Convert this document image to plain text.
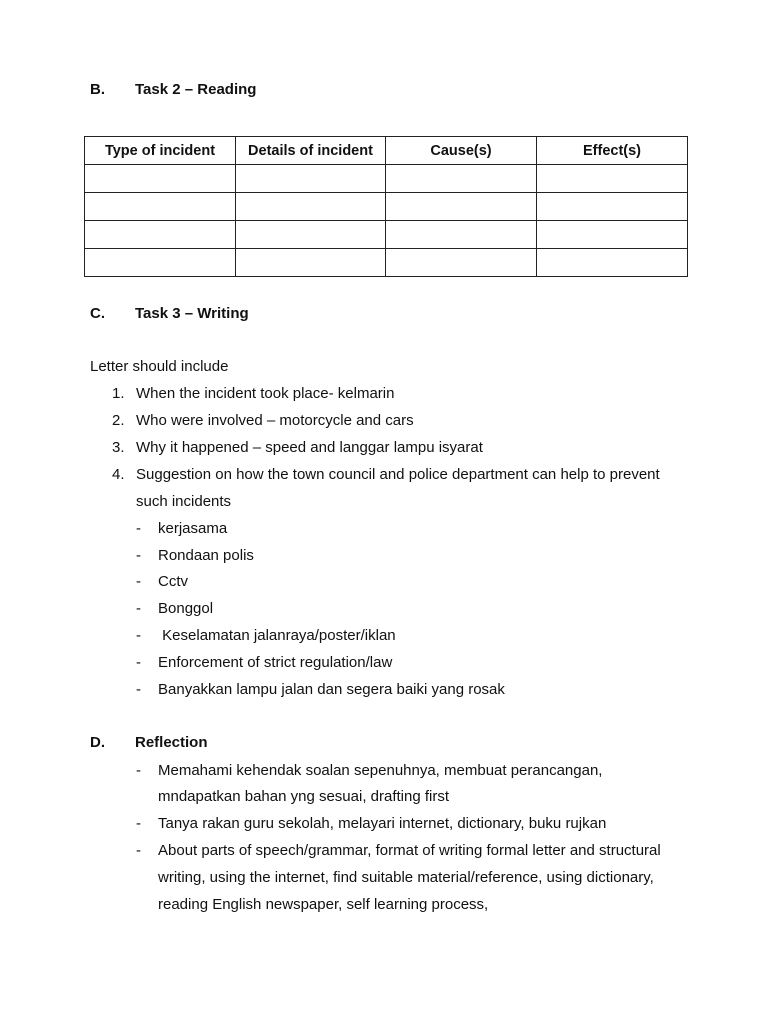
B. Task 2 – Reading
Type of incident	Details of incident	Cause(s)	Effect(s)

C. Task 3 – Writing
Letter should include
1. When the incident took place- kelmarin
2. Who were involved – motorcycle and cars
3. Why it happened – speed and langgar lampu isyarat
4. Suggestion on how the town council and police department can help to prevent
such incidents
- kerjasama
- Rondaan polis
- Cctv
- Bonggol
- Keselamatan jalanraya/poster/iklan
- Enforcement of strict regulation/law
- Banyakkan lampu jalan dan segera baiki yang rosak
D. Reflection
- Memahami kehendak soalan sepenuhnya, membuat perancangan,
mndapatkan bahan yng sesuai, drafting first
- Tanya rakan guru sekolah, melayari internet, dictionary, buku rujkan
- About parts of speech/grammar, format of writing formal letter and structural
writing, using the internet, find suitable material/reference, using dictionary,
reading English newspaper, self learning process,
